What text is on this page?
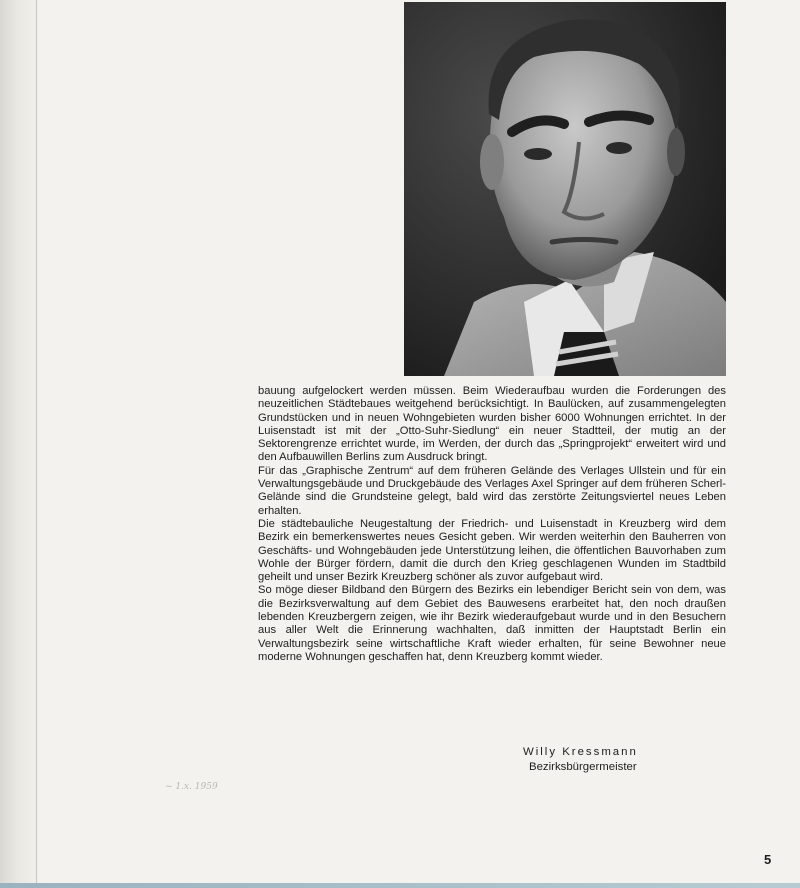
bauung aufgelockert werden müssen. Beim Wiederaufbau wurden die Forderungen des neuzeitlichen Städtebaues weitgehend berücksichtigt. In Baulücken, auf zusammengelegten Grundstücken und in neuen Wohngebieten wurden bisher 6000 Wohnungen errichtet. In der Luisenstadt ist mit der „Otto-Suhr-Siedlung“ ein neuer Stadtteil, der mutig an der Sektorengrenze errichtet wurde, im Werden, der durch das „Springprojekt“ erweitert wird und den Aufbauwillen Berlins zum Ausdruck bringt.

Für das „Graphische Zentrum“ auf dem früheren Gelände des Verlages Ullstein und für ein Verwaltungsgebäude und Druckgebäude des Verlages Axel Springer auf dem früheren Scherl-Gelände sind die Grundsteine gelegt, bald wird das zerstörte Zeitungsviertel neues Leben erhalten.

Die städtebauliche Neugestaltung der Friedrich- und Luisenstadt in Kreuzberg wird dem Bezirk ein bemerkenswertes neues Gesicht geben. Wir werden weiterhin den Bauherren von Geschäfts- und Wohngebäuden jede Unterstützung leihen, die öffentlichen Bauvorhaben zum Wohle der Bürger fördern, damit die durch den Krieg geschlagenen Wunden im Stadtbild geheilt und unser Bezirk Kreuzberg schöner als zuvor aufgebaut wird.

So möge dieser Bildband den Bürgern des Bezirks ein lebendiger Bericht sein von dem, was die Bezirksverwaltung auf dem Gebiet des Bauwesens erarbeitet hat, den noch draußen lebenden Kreuzbergern zeigen, wie ihr Bezirk wiederaufgebaut wurde und in den Besuchern aus aller Welt die Erinnerung wachhalten, daß inmitten der Hauptstadt Berlin ein Verwaltungsbezirk seine wirtschaftliche Kraft wieder erhalten, für seine Bewohner neue moderne Wohnungen geschaffen hat, denn Kreuzberg kommt wieder.

Willy Kressmann
Bezirksbürgermeister
~ 1.x. 1959
5
